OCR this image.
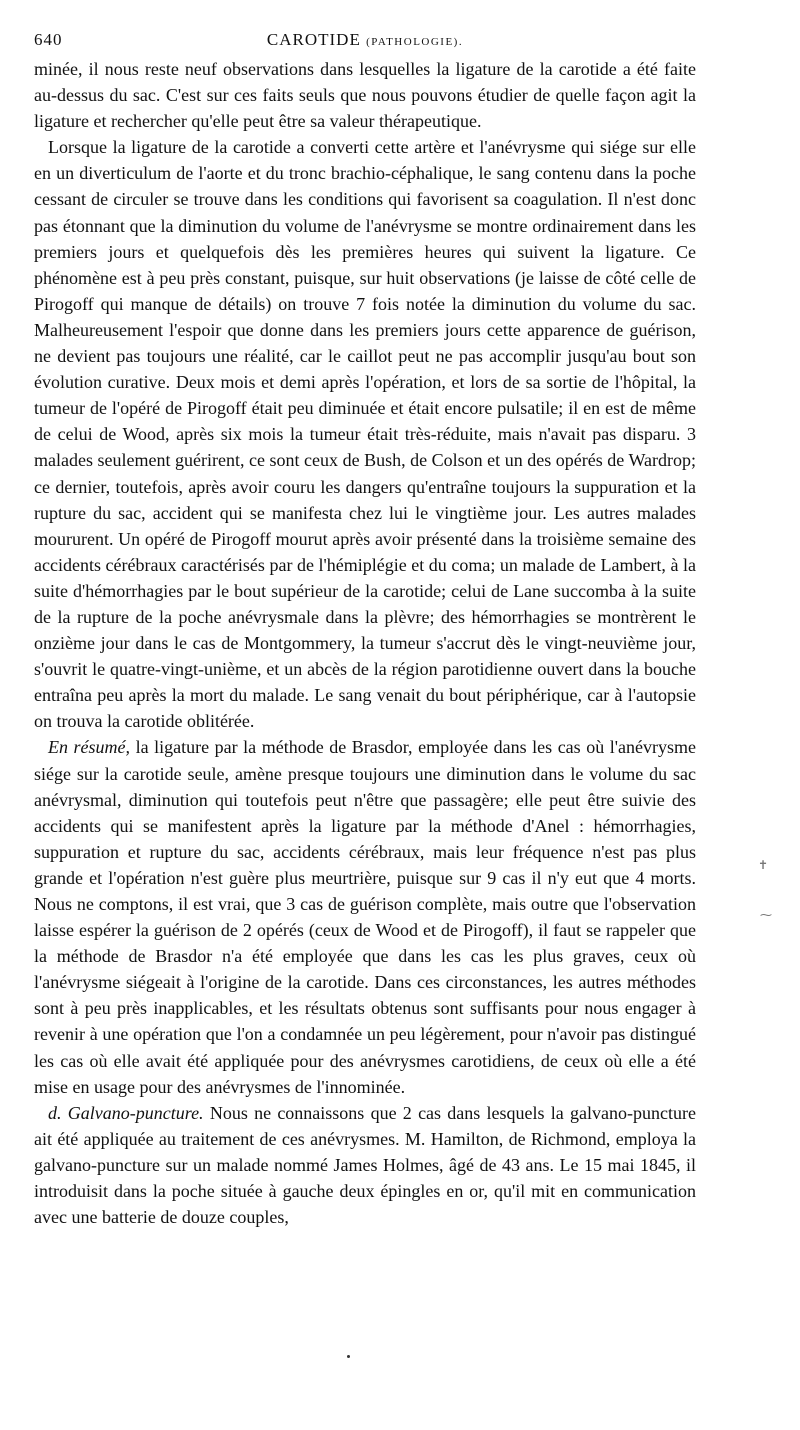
640	CAROTIDE (PATHOLOGIE).

minée, il nous reste neuf observations dans lesquelles la ligature de la carotide a été faite au-dessus du sac. C'est sur ces faits seuls que nous pouvons étudier de quelle façon agit la ligature et rechercher qu'elle peut être sa valeur thérapeutique.

Lorsque la ligature de la carotide a converti cette artère et l'anévrysme qui siége sur elle en un diverticulum de l'aorte et du tronc brachio-céphalique, le sang contenu dans la poche cessant de circuler se trouve dans les conditions qui favorisent sa coagulation. Il n'est donc pas étonnant que la diminution du volume de l'anévrysme se montre ordinairement dans les premiers jours et quelquefois dès les premières heures qui suivent la ligature. Ce phénomène est à peu près constant, puisque, sur huit observations (je laisse de côté celle de Pirogoff qui manque de détails) on trouve 7 fois notée la diminution du volume du sac. Malheureusement l'espoir que donne dans les premiers jours cette apparence de guérison, ne devient pas toujours une réalité, car le caillot peut ne pas accomplir jusqu'au bout son évolution curative. Deux mois et demi après l'opération, et lors de sa sortie de l'hôpital, la tumeur de l'opéré de Pirogoff était peu diminuée et était encore pulsatile; il en est de même de celui de Wood, après six mois la tumeur était très-réduite, mais n'avait pas disparu. 3 malades seulement guérirent, ce sont ceux de Bush, de Colson et un des opérés de Wardrop; ce dernier, toutefois, après avoir couru les dangers qu'entraîne toujours la suppuration et la rupture du sac, accident qui se manifesta chez lui le vingtième jour. Les autres malades moururent. Un opéré de Pirogoff mourut après avoir présenté dans la troisième semaine des accidents cérébraux caractérisés par de l'hémiplégie et du coma; un malade de Lambert, à la suite d'hémorrhagies par le bout supérieur de la carotide; celui de Lane succomba à la suite de la rupture de la poche anévrysmale dans la plèvre; des hémorrhagies se montrèrent le onzième jour dans le cas de Montgommery, la tumeur s'accrut dès le vingt-neuvième jour, s'ouvrit le quatre-vingt-unième, et un abcès de la région parotidienne ouvert dans la bouche entraîna peu après la mort du malade. Le sang venait du bout périphérique, car à l'autopsie on trouva la carotide oblitérée.

En résumé, la ligature par la méthode de Brasdor, employée dans les cas où l'anévrysme siége sur la carotide seule, amène presque toujours une diminution dans le volume du sac anévrysmal, diminution qui toutefois peut n'être que passagère; elle peut être suivie des accidents qui se manifestent après la ligature par la méthode d'Anel : hémorrhagies, suppuration et rupture du sac, accidents cérébraux, mais leur fréquence n'est pas plus grande et l'opération n'est guère plus meurtrière, puisque sur 9 cas il n'y eut que 4 morts. Nous ne comptons, il est vrai, que 3 cas de guérison complète, mais outre que l'observation laisse espérer la guérison de 2 opérés (ceux de Wood et de Pirogoff), il faut se rappeler que la méthode de Brasdor n'a été employée que dans les cas les plus graves, ceux où l'anévrysme siégeait à l'origine de la carotide. Dans ces circonstances, les autres méthodes sont à peu près inapplicables, et les résultats obtenus sont suffisants pour nous engager à revenir à une opération que l'on a condamnée un peu légèrement, pour n'avoir pas distingué les cas où elle avait été appliquée pour des anévrysmes carotidiens, de ceux où elle a été mise en usage pour des anévrysmes de l'innominée.

d. Galvano-puncture. Nous ne connaissons que 2 cas dans lesquels la galvano-puncture ait été appliquée au traitement de ces anévrysmes. M. Hamilton, de Richmond, employa la galvano-puncture sur un malade nommé James Holmes, âgé de 43 ans. Le 15 mai 1845, il introduisit dans la poche située à gauche deux épingles en or, qu'il mit en communication avec une batterie de douze couples,

✝
⁓
